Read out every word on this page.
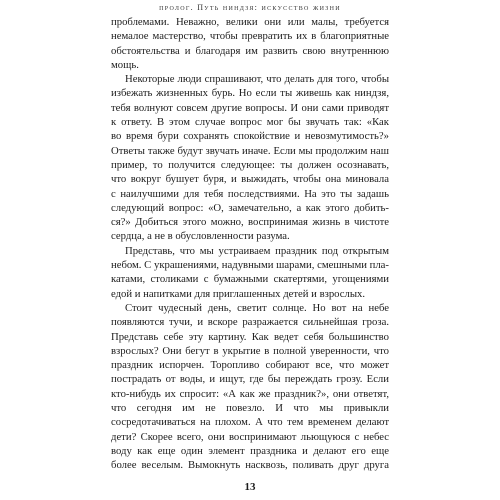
пролог. Путь ниндзя: искусство жизни
проблемами. Неважно, велики они или малы, требуется
немалое мастерство, чтобы превратить их в благоприятные
обстоятельства и благодаря им развить свою внутреннюю
мощь.
Некоторые люди спрашивают, что делать для того, чтобы
избежать жизненных бурь. Но если ты живешь как ниндзя,
тебя волнуют совсем другие вопросы. И они сами приводят
к ответу. В этом случае вопрос мог бы звучать так: «Как
во время бури сохранять спокойствие и невозмутимость?»
Ответы также будут звучать иначе. Если мы продолжим наш
пример, то получится следующее: ты должен осознавать,
что вокруг бушует буря, и выжидать, чтобы она миновала
с наилучшими для тебя последствиями. На это ты задашь
следующий вопрос: «О, замечательно, а как этого добить-
ся?» Добиться этого можно, воспринимая жизнь в чистоте
сердца, а не в обусловленности разума.
Представь, что мы устраиваем праздник под открытым
небом. С украшениями, надувными шарами, смешными пла-
катами, столиками с бумажными скатертями, угощениями
едой и напитками для приглашенных детей и взрослых.
Стоит чудесный день, светит солнце. Но вот на небе
появляются тучи, и вскоре разражается сильнейшая гроза.
Представь себе эту картину. Как ведет себя большинство
взрослых? Они бегут в укрытие в полной уверенности, что
праздник испорчен. Торопливо собирают все, что может
пострадать от воды, и ищут, где бы переждать грозу. Если
кто-нибудь их спросит: «А как же праздник?», они ответят,
что сегодня им не повезло. И что мы привыкли
сосредотачиваться на плохом. А что тем временем делают
дети? Скорее всего, они воспринимают льющуюся с небес
воду как еще один элемент праздника и делают его еще
более веселым. Вымокнуть насквозь, поливать друг друга
13
